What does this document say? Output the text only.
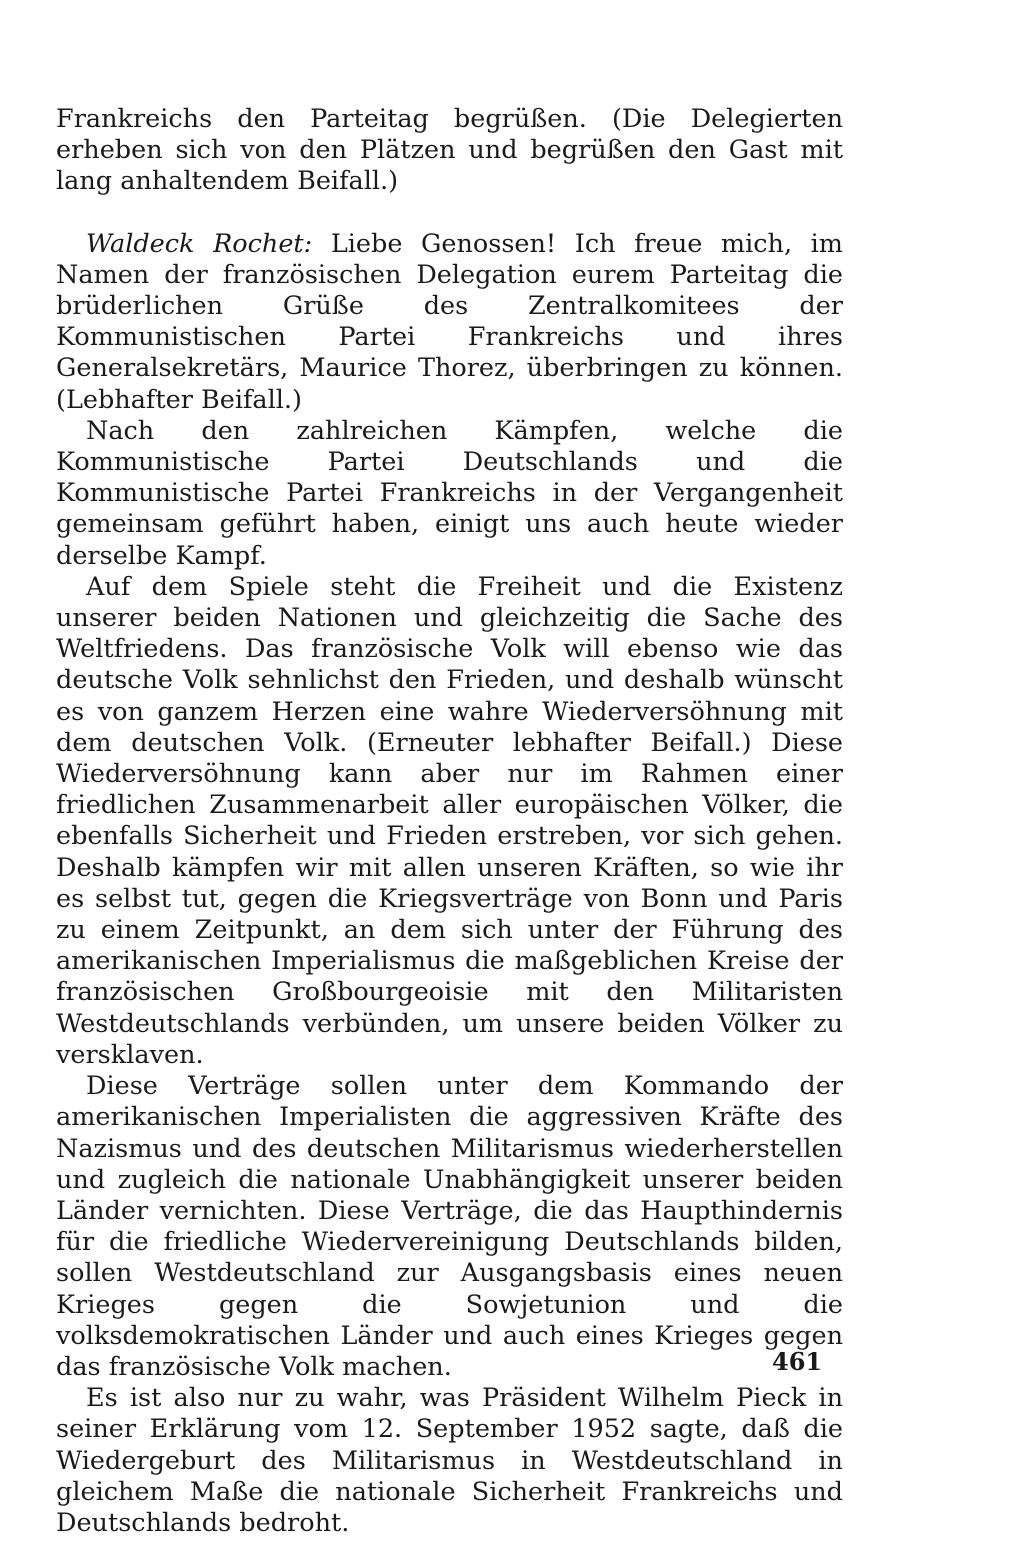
Frankreichs den Parteitag begrüßen. (Die Delegierten erheben sich von den Plätzen und begrüßen den Gast mit lang anhaltendem Beifall.)

Waldeck Rochet: Liebe Genossen! Ich freue mich, im Namen der französischen Delegation eurem Parteitag die brüderlichen Grüße des Zentralkomitees der Kommunistischen Partei Frankreichs und ihres Generalsekretärs, Maurice Thorez, überbringen zu können. (Lebhafter Beifall.)

Nach den zahlreichen Kämpfen, welche die Kommunistische Partei Deutschlands und die Kommunistische Partei Frankreichs in der Vergangenheit gemeinsam geführt haben, einigt uns auch heute wieder derselbe Kampf.

Auf dem Spiele steht die Freiheit und die Existenz unserer beiden Nationen und gleichzeitig die Sache des Weltfriedens. Das französische Volk will ebenso wie das deutsche Volk sehnlichst den Frieden, und deshalb wünscht es von ganzem Herzen eine wahre Wiederversöhnung mit dem deutschen Volk. (Erneuter lebhafter Beifall.) Diese Wiederversöhnung kann aber nur im Rahmen einer friedlichen Zusammenarbeit aller europäischen Völker, die ebenfalls Sicherheit und Frieden erstreben, vor sich gehen. Deshalb kämpfen wir mit allen unseren Kräften, so wie ihr es selbst tut, gegen die Kriegsverträge von Bonn und Paris zu einem Zeitpunkt, an dem sich unter der Führung des amerikanischen Imperialismus die maßgeblichen Kreise der französischen Großbourgeoisie mit den Militaristen Westdeutschlands verbünden, um unsere beiden Völker zu versklaven.

Diese Verträge sollen unter dem Kommando der amerikanischen Imperialisten die aggressiven Kräfte des Nazismus und des deutschen Militarismus wiederherstellen und zugleich die nationale Unabhängigkeit unserer beiden Länder vernichten. Diese Verträge, die das Haupthindernis für die friedliche Wiedervereinigung Deutschlands bilden, sollen Westdeutschland zur Ausgangsbasis eines neuen Krieges gegen die Sowjetunion und die volksdemokratischen Länder und auch eines Krieges gegen das französische Volk machen.

Es ist also nur zu wahr, was Präsident Wilhelm Pieck in seiner Erklärung vom 12. September 1952 sagte, daß die Wiedergeburt des Militarismus in Westdeutschland in gleichem Maße die nationale Sicherheit Frankreichs und Deutschlands bedroht.

461
